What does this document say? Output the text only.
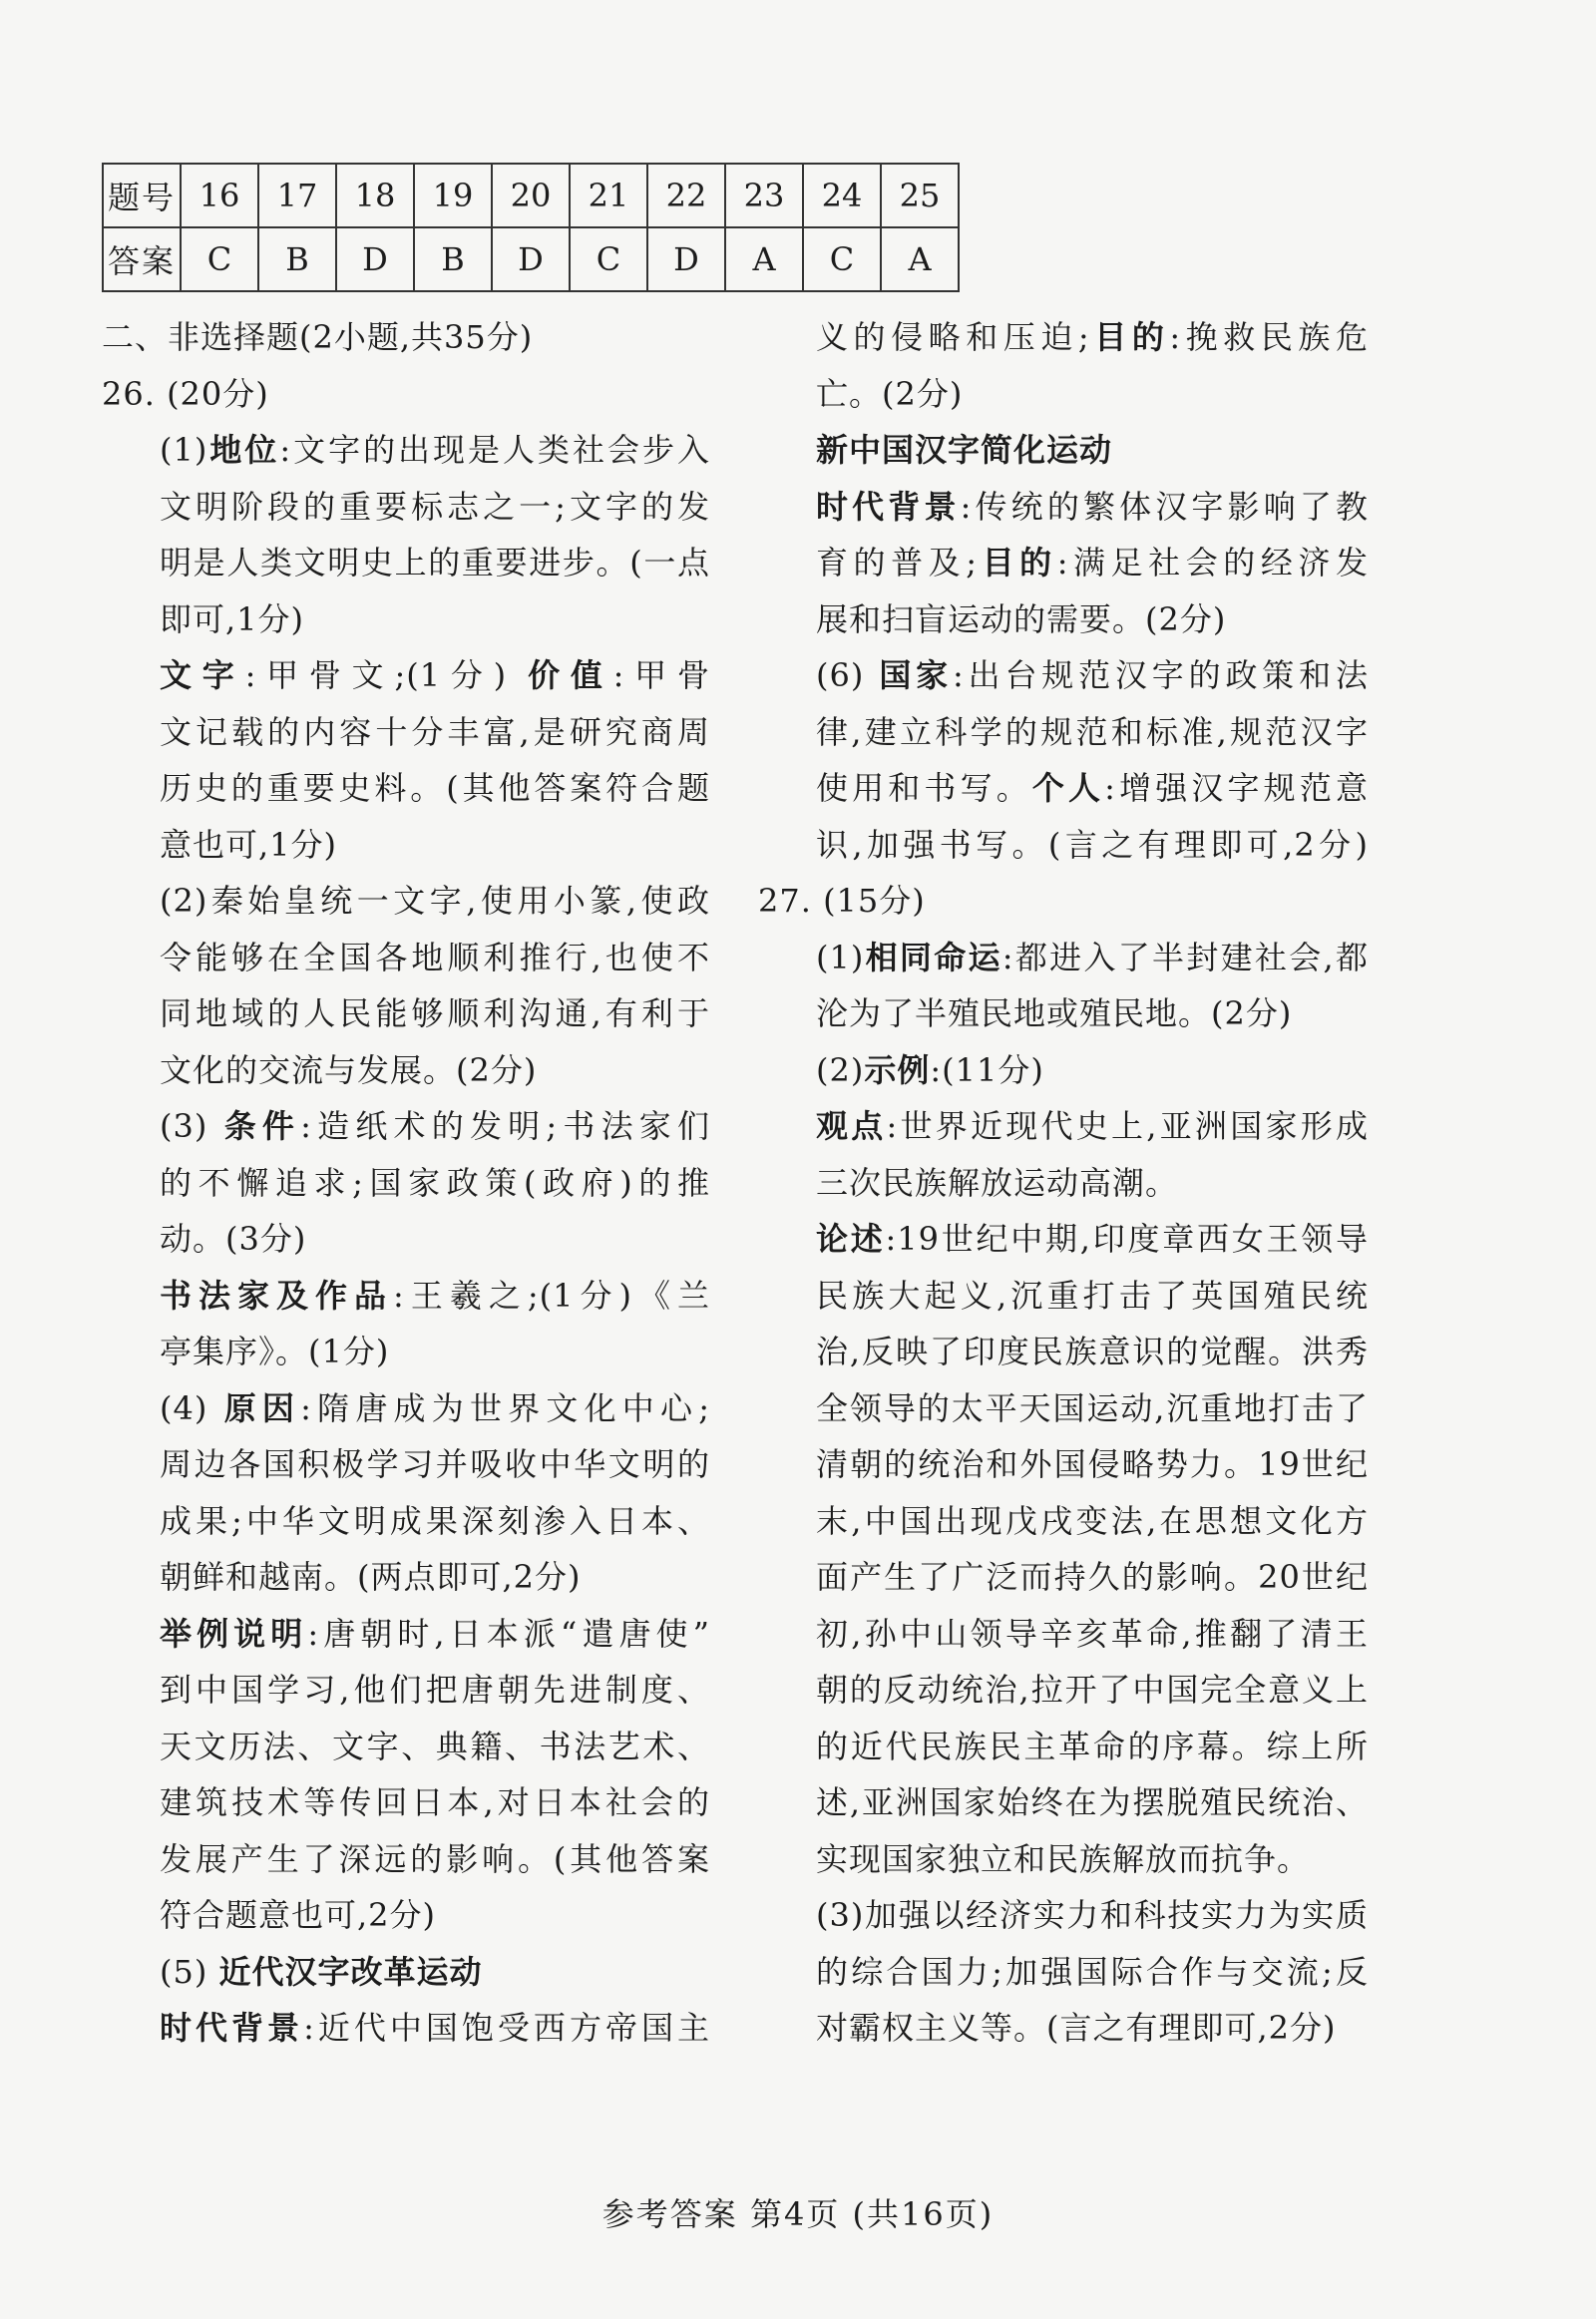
题号	16	17	18	19	20	21	22	23	24	25
答案	C	B	D	B	D	C	D	A	C	A
二、非选择题(2小题,共35分)
26. (20分)
(1)地位:文字的出现是人类社会步入
文明阶段的重要标志之一;文字的发
明是人类文明史上的重要进步。(一点
即可,1分)
文字:甲骨文;(1分) 价值:甲骨
文记载的内容十分丰富,是研究商周
历史的重要史料。(其他答案符合题
意也可,1分)
(2)秦始皇统一文字,使用小篆,使政
令能够在全国各地顺利推行,也使不
同地域的人民能够顺利沟通,有利于
文化的交流与发展。(2分)
(3) 条件:造纸术的发明;书法家们
的不懈追求;国家政策(政府)的推
动。(3分)
书法家及作品:王羲之;(1分)《兰
亭集序》。(1分)
(4) 原因:隋唐成为世界文化中心;
周边各国积极学习并吸收中华文明的
成果;中华文明成果深刻渗入日本、
朝鲜和越南。(两点即可,2分)
举例说明:唐朝时,日本派“遣唐使”
到中国学习,他们把唐朝先进制度、
天文历法、文字、典籍、书法艺术、
建筑技术等传回日本,对日本社会的
发展产生了深远的影响。(其他答案
符合题意也可,2分)
(5) 近代汉字改革运动
时代背景:近代中国饱受西方帝国主
义的侵略和压迫;目的:挽救民族危
亡。(2分)
新中国汉字简化运动
时代背景:传统的繁体汉字影响了教
育的普及;目的:满足社会的经济发
展和扫盲运动的需要。(2分)
(6) 国家:出台规范汉字的政策和法
律,建立科学的规范和标准,规范汉字
使用和书写。个人:增强汉字规范意
识,加强书写。(言之有理即可,2分)
27. (15分)
(1)相同命运:都进入了半封建社会,都
沦为了半殖民地或殖民地。(2分)
(2)示例:(11分)
观点:世界近现代史上,亚洲国家形成
三次民族解放运动高潮。
论述:19世纪中期,印度章西女王领导
民族大起义,沉重打击了英国殖民统
治,反映了印度民族意识的觉醒。洪秀
全领导的太平天国运动,沉重地打击了
清朝的统治和外国侵略势力。19世纪
末,中国出现戊戌变法,在思想文化方
面产生了广泛而持久的影响。20世纪
初,孙中山领导辛亥革命,推翻了清王
朝的反动统治,拉开了中国完全意义上
的近代民族民主革命的序幕。综上所
述,亚洲国家始终在为摆脱殖民统治、
实现国家独立和民族解放而抗争。
(3)加强以经济实力和科技实力为实质
的综合国力;加强国际合作与交流;反
对霸权主义等。(言之有理即可,2分)
参考答案 第4页 (共16页)
